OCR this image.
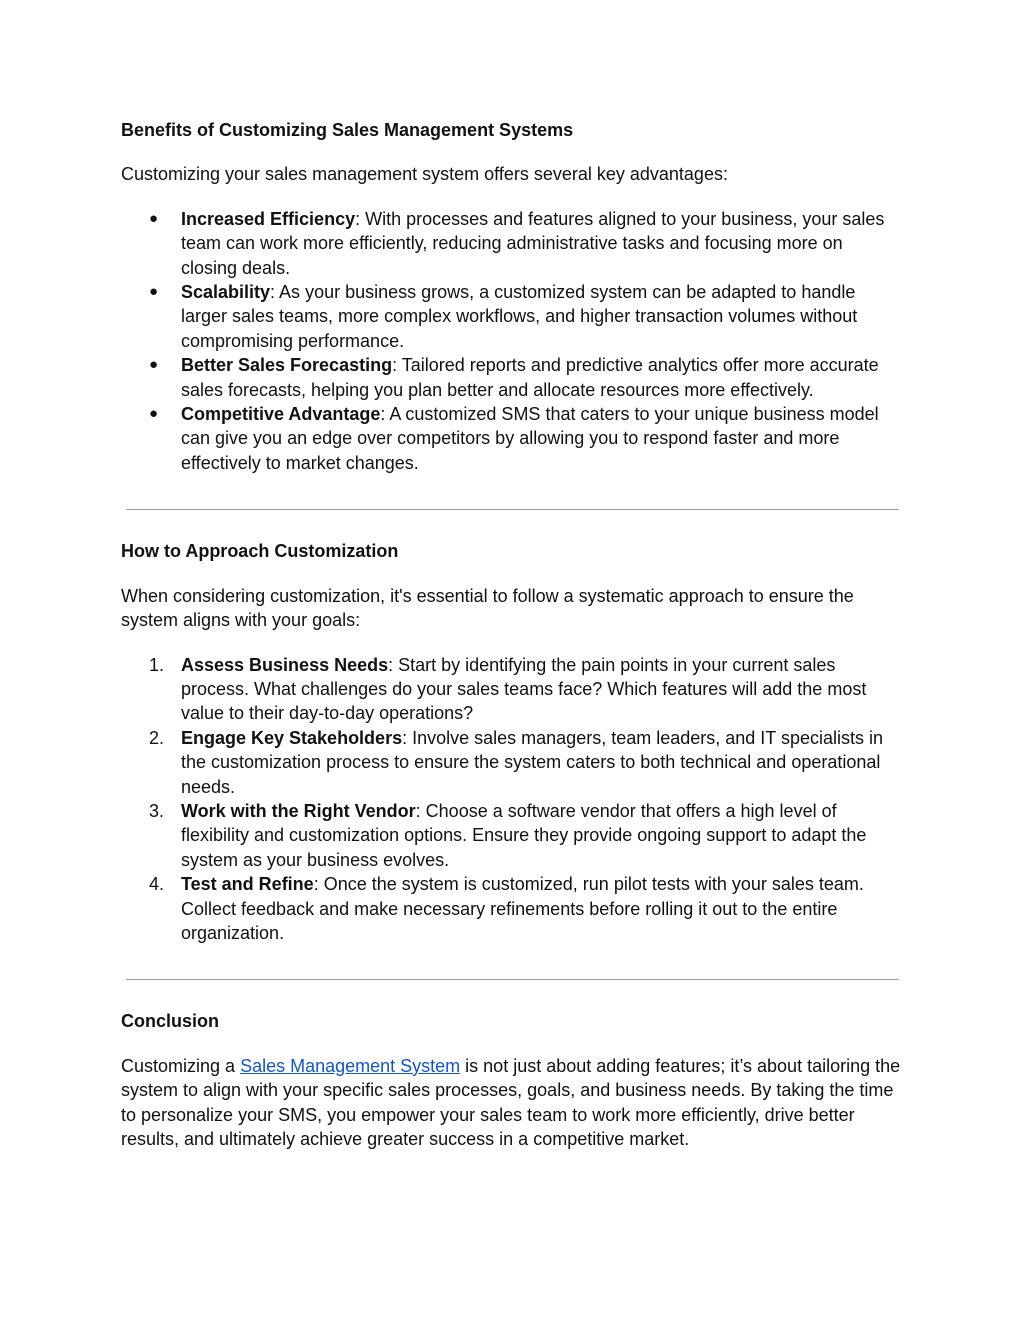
Benefits of Customizing Sales Management Systems

Customizing your sales management system offers several key advantages:

● Increased Efficiency: With processes and features aligned to your business, your sales team can work more efficiently, reducing administrative tasks and focusing more on closing deals.
● Scalability: As your business grows, a customized system can be adapted to handle larger sales teams, more complex workflows, and higher transaction volumes without compromising performance.
● Better Sales Forecasting: Tailored reports and predictive analytics offer more accurate sales forecasts, helping you plan better and allocate resources more effectively.
● Competitive Advantage: A customized SMS that caters to your unique business model can give you an edge over competitors by allowing you to respond faster and more effectively to market changes.
How to Approach Customization

When considering customization, it's essential to follow a systematic approach to ensure the system aligns with your goals:

1. Assess Business Needs: Start by identifying the pain points in your current sales process. What challenges do your sales teams face? Which features will add the most value to their day-to-day operations?
2. Engage Key Stakeholders: Involve sales managers, team leaders, and IT specialists in the customization process to ensure the system caters to both technical and operational needs.
3. Work with the Right Vendor: Choose a software vendor that offers a high level of flexibility and customization options. Ensure they provide ongoing support to adapt the system as your business evolves.
4. Test and Refine: Once the system is customized, run pilot tests with your sales team. Collect feedback and make necessary refinements before rolling it out to the entire organization.
Conclusion

Customizing a Sales Management System is not just about adding features; it’s about tailoring the system to align with your specific sales processes, goals, and business needs. By taking the time to personalize your SMS, you empower your sales team to work more efficiently, drive better results, and ultimately achieve greater success in a competitive market.
